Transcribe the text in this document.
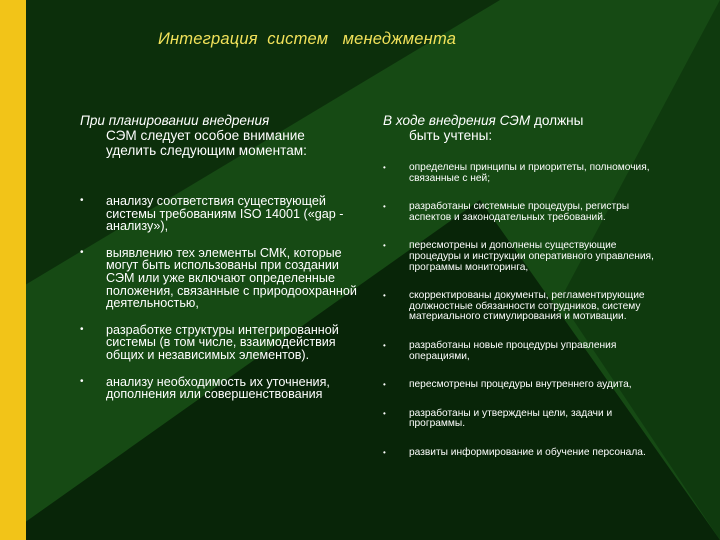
Интеграция  систем   менеджмента

При планировании внедрения
СЭМ следует особое внимание
уделить следующим моментам:

• анализу соответствия существующей системы требованиям ISO 14001 («gap - анализу»),
• выявлению тех элементы СМК, которые могут быть использованы при создании СЭМ или уже включают определенные положения, связанные с природоохранной деятельностью,
• разработке структуры интегрированной системы (в том числе, взаимодействия общих и независимых элементов).
• анализу необходимость их уточнения, дополнения или совершенствования

В ходе внедрения СЭМ должны
быть учтены:

• определены принципы и приоритеты, полномочия, связанные с ней;
• разработаны системные процедуры, регистры аспектов и законодательных требований.
• пересмотрены и дополнены существующие процедуры и инструкции оперативного управления, программы мониторинга,
• скорректированы документы, регламентирующие должностные обязанности сотрудников, систему материального стимулирования и мотивации.
• разработаны новые процедуры управления операциями,
• пересмотрены процедуры внутреннего аудита,
• разработаны и утверждены цели, задачи и программы.
• развиты информирование и обучение персонала.
